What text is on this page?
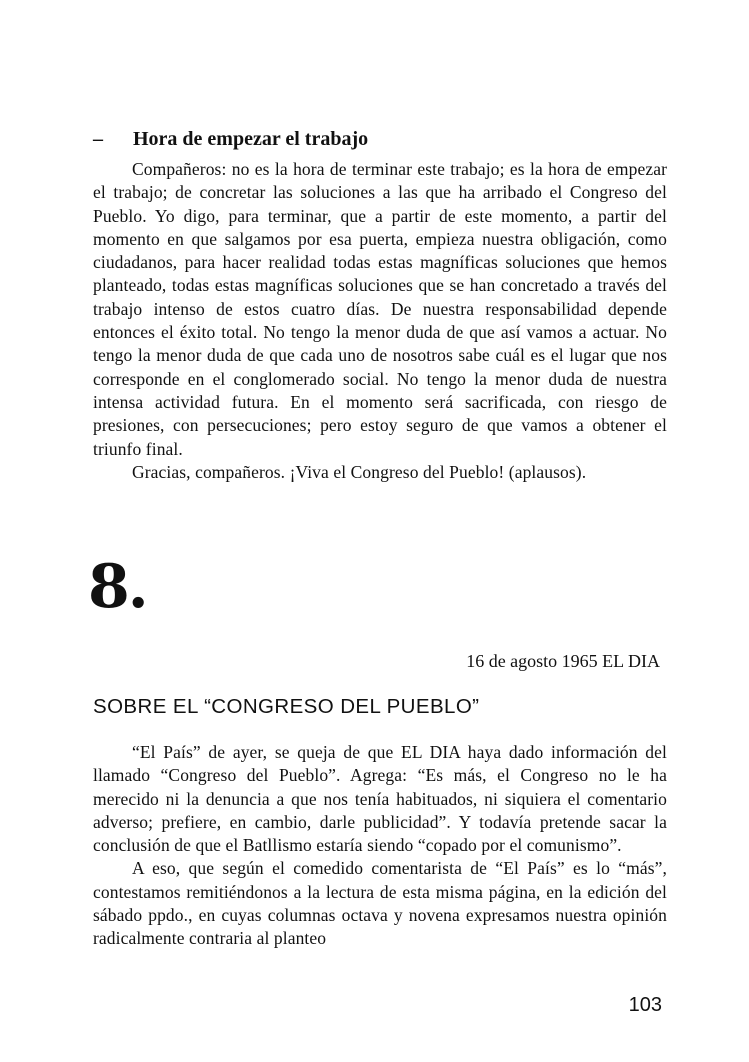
– Hora de empezar el trabajo

Compañeros: no es la hora de terminar este trabajo; es la hora de empezar el trabajo; de concretar las soluciones a las que ha arribado el Congreso del Pueblo. Yo digo, para terminar, que a partir de este momento, a partir del momento en que salgamos por esa puerta, empieza nuestra obligación, como ciudadanos, para hacer realidad todas estas magníficas soluciones que hemos planteado, todas estas magníficas soluciones que se han concretado a través del trabajo intenso de estos cuatro días. De nuestra responsabilidad depende entonces el éxito total. No tengo la menor duda de que así vamos a actuar. No tengo la menor duda de que cada uno de nosotros sabe cuál es el lugar que nos corresponde en el conglomerado social. No tengo la menor duda de nuestra intensa actividad futura. En el momento será sacrificada, con riesgo de presiones, con persecuciones; pero estoy seguro de que vamos a obtener el triunfo final.

Gracias, compañeros. ¡Viva el Congreso del Pueblo! (aplausos).

8.
16 de agosto 1965 EL DIA
SOBRE EL “CONGRESO DEL PUEBLO”

“El País” de ayer, se queja de que EL DIA haya dado información del llamado “Congreso del Pueblo”. Agrega: “Es más, el Congreso no le ha merecido ni la denuncia a que nos tenía habituados, ni siquiera el comentario adverso; prefiere, en cambio, darle publicidad”. Y todavía pretende sacar la conclusión de que el Batllismo estaría siendo “copado por el comunismo”.

A eso, que según el comedido comentarista de “El País” es lo “más”, contestamos remitiéndonos a la lectura de esta misma página, en la edición del sábado ppdo., en cuyas columnas octava y novena expresamos nuestra opinión radicalmente contraria al planteo

103
